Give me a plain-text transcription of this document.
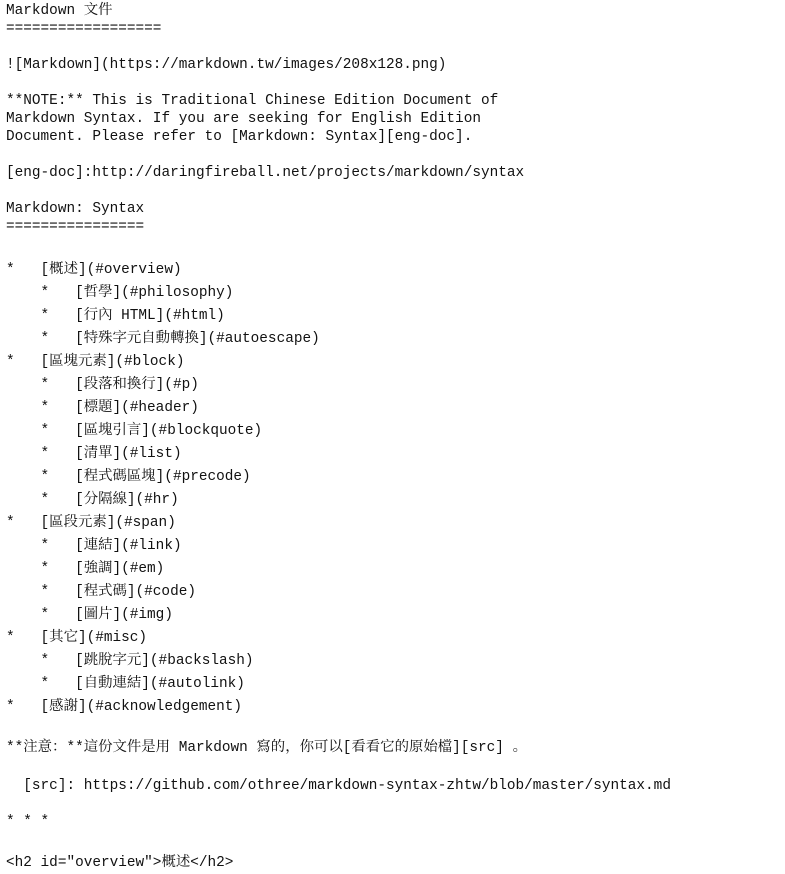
Markdown 文件
==================
![Markdown](https://markdown.tw/images/208x128.png)
**NOTE:** This is Traditional Chinese Edition Document of
Markdown Syntax. If you are seeking for English Edition
Document. Please refer to [Markdown: Syntax][eng-doc].
[eng-doc]:http://daringfireball.net/projects/markdown/syntax
Markdown: Syntax
================
*   [概述](#overview)
*   [哲學](#philosophy)
*   [行內 HTML](#html)
*   [特殊字元自動轉換](#autoescape)
*   [區塊元素](#block)
*   [段落和換行](#p)
*   [標題](#header)
*   [區塊引言](#blockquote)
*   [清單](#list)
*   [程式碼區塊](#precode)
*   [分隔線](#hr)
*   [區段元素](#span)
*   [連結](#link)
*   [強調](#em)
*   [程式碼](#code)
*   [圖片](#img)
*   [其它](#misc)
*   [跳脫字元](#backslash)
*   [自動連結](#autolink)
*   [感謝](#acknowledgement)
**注意：**這份文件是用 Markdown 寫的，你可以[看看它的原始檔][src] 。
[src]: https://github.com/othree/markdown-syntax-zhtw/blob/master/syntax.md
* * *
<h2 id="overview">概述</h2>
